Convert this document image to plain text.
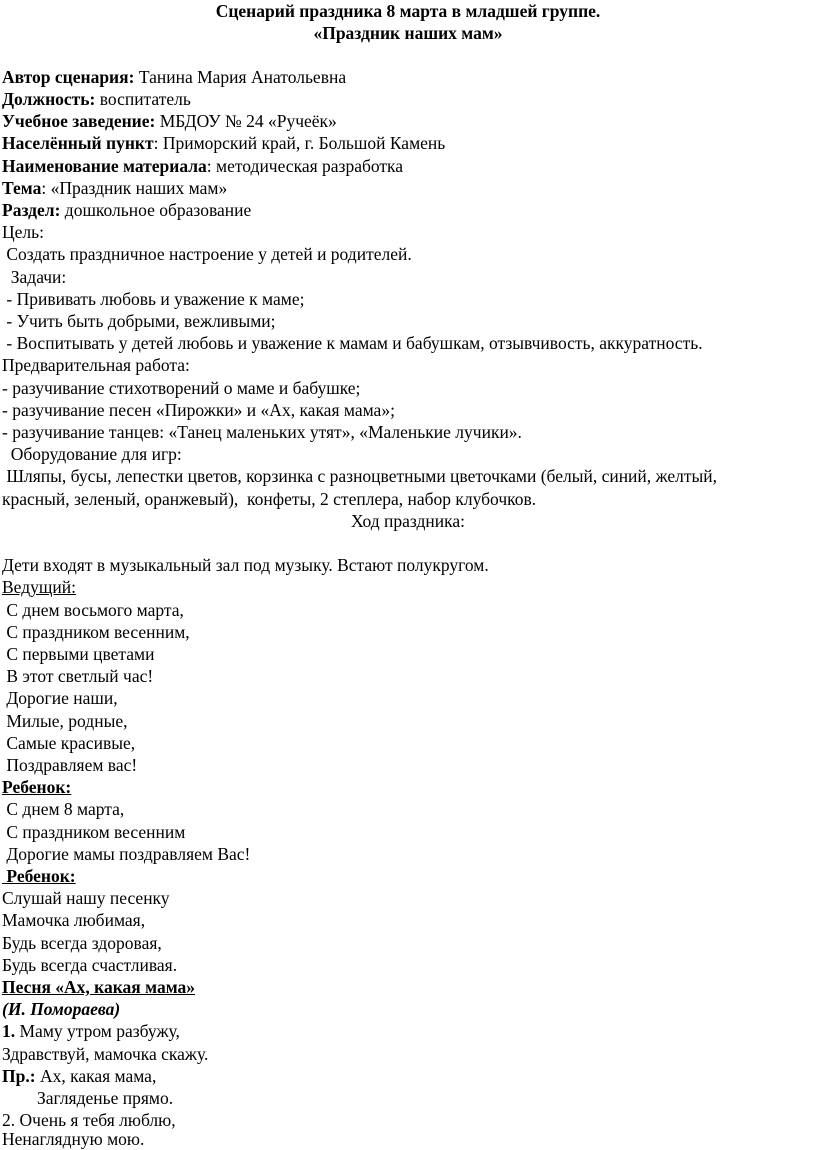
Сценарий праздника 8 марта в младшей группе.
«Праздник наших мам»
Автор сценария: Танина Мария Анатольевна
Должность: воспитатель
Учебное заведение: МБДОУ № 24 «Ручеёк»
Населённый пункт: Приморский край, г. Большой Камень
Наименование материала: методическая разработка
Тема: «Праздник наших мам»
Раздел: дошкольное образование
Цель:
Создать праздничное настроение у детей и родителей.
Задачи:
- Прививать любовь и уважение к маме;
- Учить быть добрыми, вежливыми;
- Воспитывать у детей любовь и уважение к мамам и бабушкам, отзывчивость, аккуратность.
Предварительная работа:
- разучивание стихотворений о маме и бабушке;
- разучивание песен «Пирожки» и «Ах, какая мама»;
- разучивание танцев: «Танец маленьких утят», «Маленькие лучики».
Оборудование для игр:
Шляпы, бусы, лепестки цветов, корзинка с разноцветными цветочками (белый, синий, желтый,
красный, зеленый, оранжевый),  конфеты, 2 степлера, набор клубочков.
Ход праздника:
Дети входят в музыкальный зал под музыку. Встают полукругом.
Ведущий:
С днем восьмого марта,
С праздником весенним,
С первыми цветами
В этот светлый час!
Дорогие наши,
Милые, родные,
Самые красивые,
Поздравляем вас!
Ребенок:
С днем 8 марта,
С праздником весенним
Дорогие мамы поздравляем Вас!
Ребенок:
Слушай нашу песенку
Мамочка любимая,
Будь всегда здоровая,
Будь всегда счастливая.
Песня «Ах, какая мама»
(И. Помораева)
1. Маму утром разбужу,
Здравствуй, мамочка скажу.
Пр.: Ах, какая мама,
Загляденье прямо.
2. Очень я тебя люблю,
Ненаглядную мою.
